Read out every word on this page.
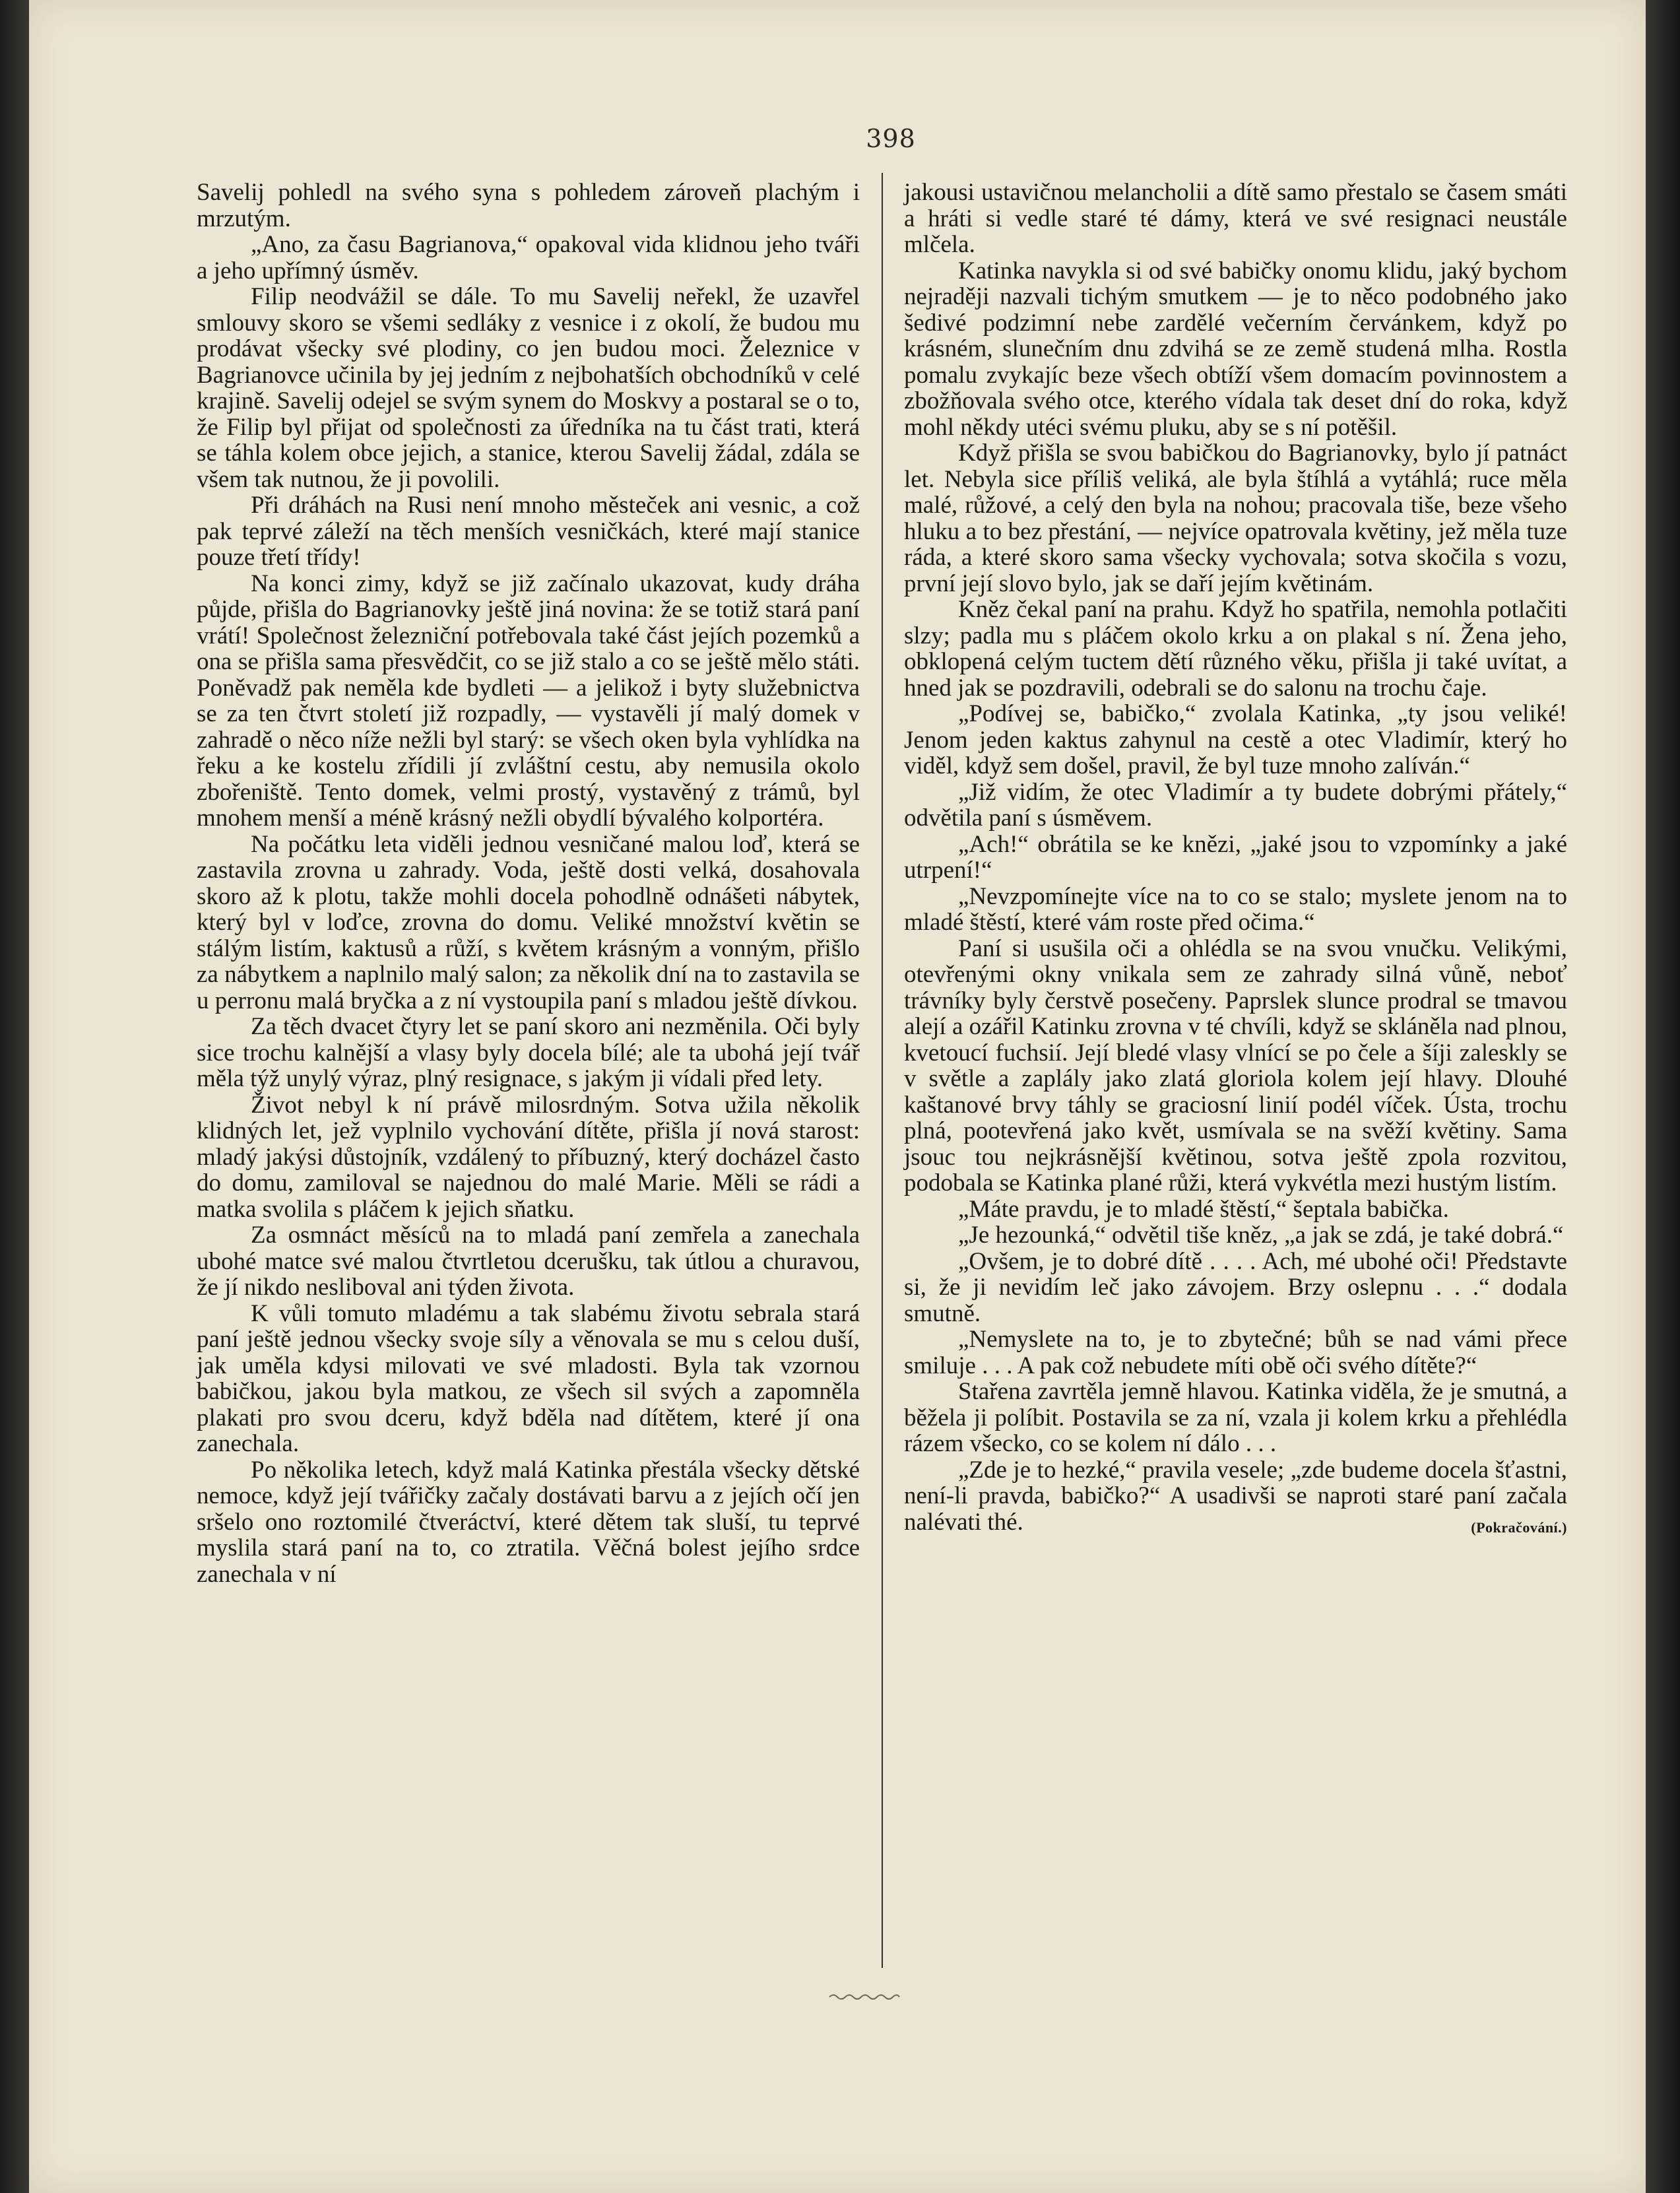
398

Savelij pohledl na svého syna s pohledem zároveň plachým i mrzutým.

„Ano, za času Bagrianova,“ opakoval vida klidnou jeho tváři a jeho upřímný úsměv.

Filip neodvážil se dále. To mu Savelij neřekl, že uzavřel smlouvy skoro se všemi sedláky z vesnice i z okolí, že budou mu prodávat všecky své plodiny, co jen budou moci. Železnice v Bagrianovce učinila by jej jedním z nejbohatších obchodníků v celé krajině. Savelij odejel se svým synem do Moskvy a postaral se o to, že Filip byl přijat od společnosti za úředníka na tu část trati, která se táhla kolem obce jejich, a stanice, kterou Savelij žádal, zdála se všem tak nutnou, že ji povolili.

Při dráhách na Rusi není mnoho městeček ani vesnic, a což pak teprvé záleží na těch menších vesničkách, které mají stanice pouze třetí třídy!

Na konci zimy, když se již začínalo ukazovat, kudy dráha půjde, přišla do Bagrianovky ještě jiná novina: že se totiž stará paní vrátí! Společnost železniční potřebovala také část jejích pozemků a ona se přišla sama přesvědčit, co se již stalo a co se ještě mělo státi. Poněvadž pak neměla kde bydleti — a jelikož i byty služebnictva se za ten čtvrt století již rozpadly, — vystavěli jí malý domek v zahradě o něco níže nežli byl starý: se všech oken byla vyhlídka na řeku a ke kostelu zřídili jí zvláštní cestu, aby nemusila okolo zbořeniště. Tento domek, velmi prostý, vystavěný z trámů, byl mnohem menší a méně krásný nežli obydlí bývalého kolportéra.

Na počátku leta viděli jednou vesničané malou loď, která se zastavila zrovna u zahrady. Voda, ještě dosti velká, dosahovala skoro až k plotu, takže mohli docela pohodlně odnášeti nábytek, který byl v loďce, zrovna do domu. Veliké množství květin se stálým listím, kaktusů a růží, s květem krásným a vonným, přišlo za nábytkem a naplnilo malý salon; za několik dní na to zastavila se u perronu malá bryčka a z ní vystoupila paní s mladou ještě dívkou.

Za těch dvacet čtyry let se paní skoro ani nezměnila. Oči byly sice trochu kalnější a vlasy byly docela bílé; ale ta ubohá její tvář měla týž unylý výraz, plný resignace, s jakým ji vídali před lety.

Život nebyl k ní právě milosrdným. Sotva užila několik klidných let, jež vyplnilo vychování dítěte, přišla jí nová starost: mladý jakýsi důstojník, vzdálený to příbuzný, který docházel často do domu, zamiloval se najednou do malé Marie. Měli se rádi a matka svolila s pláčem k jejich sňatku.

Za osmnáct měsíců na to mladá paní zemřela a zanechala ubohé matce své malou čtvrtletou dcerušku, tak útlou a churavou, že jí nikdo nesliboval ani týden života.

K vůli tomuto mladému a tak slabému životu sebrala stará paní ještě jednou všecky svoje síly a věnovala se mu s celou duší, jak uměla kdysi milovati ve své mladosti. Byla tak vzornou babičkou, jakou byla matkou, ze všech sil svých a zapomněla plakati pro svou dceru, když bděla nad dítětem, které jí ona zanechala.

Po několika letech, když malá Katinka přestála všecky dětské nemoce, když její tvářičky začaly dostávati barvu a z jejích očí jen sršelo ono roztomilé čtveráctví, které dětem tak sluší, tu teprvé myslila stará paní na to, co ztratila. Věčná bolest jejího srdce zanechala v ní

jakousi ustavičnou melancholii a dítě samo přestalo se časem smáti a hráti si vedle staré té dámy, která ve své resignaci neustále mlčela.

Katinka navykla si od své babičky onomu klidu, jaký bychom nejraději nazvali tichým smutkem — je to něco podobného jako šedivé podzimní nebe zardělé večerním červánkem, když po krásném, slunečním dnu zdvihá se ze země studená mlha. Rostla pomalu zvykajíc beze všech obtíží všem domacím povinnostem a zbožňovala svého otce, kterého vídala tak deset dní do roka, když mohl někdy utéci svému pluku, aby se s ní potěšil.

Když přišla se svou babičkou do Bagrianovky, bylo jí patnáct let. Nebyla sice příliš veliká, ale byla štíhlá a vytáhlá; ruce měla malé, růžové, a celý den byla na nohou; pracovala tiše, beze všeho hluku a to bez přestání, — nejvíce opatrovala květiny, jež měla tuze ráda, a které skoro sama všecky vychovala; sotva skočila s vozu, první její slovo bylo, jak se daří jejím květinám.

Kněz čekal paní na prahu. Když ho spatřila, nemohla potlačiti slzy; padla mu s pláčem okolo krku a on plakal s ní. Žena jeho, obklopená celým tuctem dětí různého věku, přišla ji také uvítat, a hned jak se pozdravili, odebrali se do salonu na trochu čaje.

„Podívej se, babičko,“ zvolala Katinka, „ty jsou veliké! Jenom jeden kaktus zahynul na cestě a otec Vladimír, který ho viděl, když sem došel, pravil, že byl tuze mnoho zalíván.“

„Již vidím, že otec Vladimír a ty budete dobrými přátely,“ odvětila paní s úsměvem.

„Ach!“ obrátila se ke knězi, „jaké jsou to vzpomínky a jaké utrpení!“

„Nevzpomínejte více na to co se stalo; myslete jenom na to mladé štěstí, které vám roste před očima.“

Paní si usušila oči a ohlédla se na svou vnučku. Velikými, otevřenými okny vnikala sem ze zahrady silná vůně, neboť trávníky byly čerstvě posečeny. Paprslek slunce prodral se tmavou alejí a ozářil Katinku zrovna v té chvíli, když se skláněla nad plnou, kvetoucí fuchsií. Její bledé vlasy vlnící se po čele a šíji zaleskly se v světle a zaplály jako zlatá gloriola kolem její hlavy. Dlouhé kaštanové brvy táhly se graciosní linií podél víček. Ústa, trochu plná, pootevřená jako květ, usmívala se na svěží květiny. Sama jsouc tou nejkrásnější květinou, sotva ještě zpola rozvitou, podobala se Katinka plané růži, která vykvétla mezi hustým listím.

„Máte pravdu, je to mladé štěstí,“ šeptala babička.

„Je hezounká,“ odvětil tiše kněz, „a jak se zdá, je také dobrá.“

„Ovšem, je to dobré dítě . . . . Ach, mé ubohé oči! Představte si, že ji nevidím leč jako závojem. Brzy oslepnu . . .“ dodala smutně.

„Nemyslete na to, je to zbytečné; bůh se nad vámi přece smiluje . . . A pak což nebudete míti obě oči svého dítěte?“

Stařena zavrtěla jemně hlavou. Katinka viděla, že je smutná, a běžela ji políbit. Postavila se za ní, vzala ji kolem krku a přehlédla rázem všecko, co se kolem ní dálo . . .

„Zde je to hezké,“ pravila vesele; „zde budeme docela šťastni, není-li pravda, babičko?“ A usadivši se naproti staré paní začala nalévati thé.	(Pokračování.)
